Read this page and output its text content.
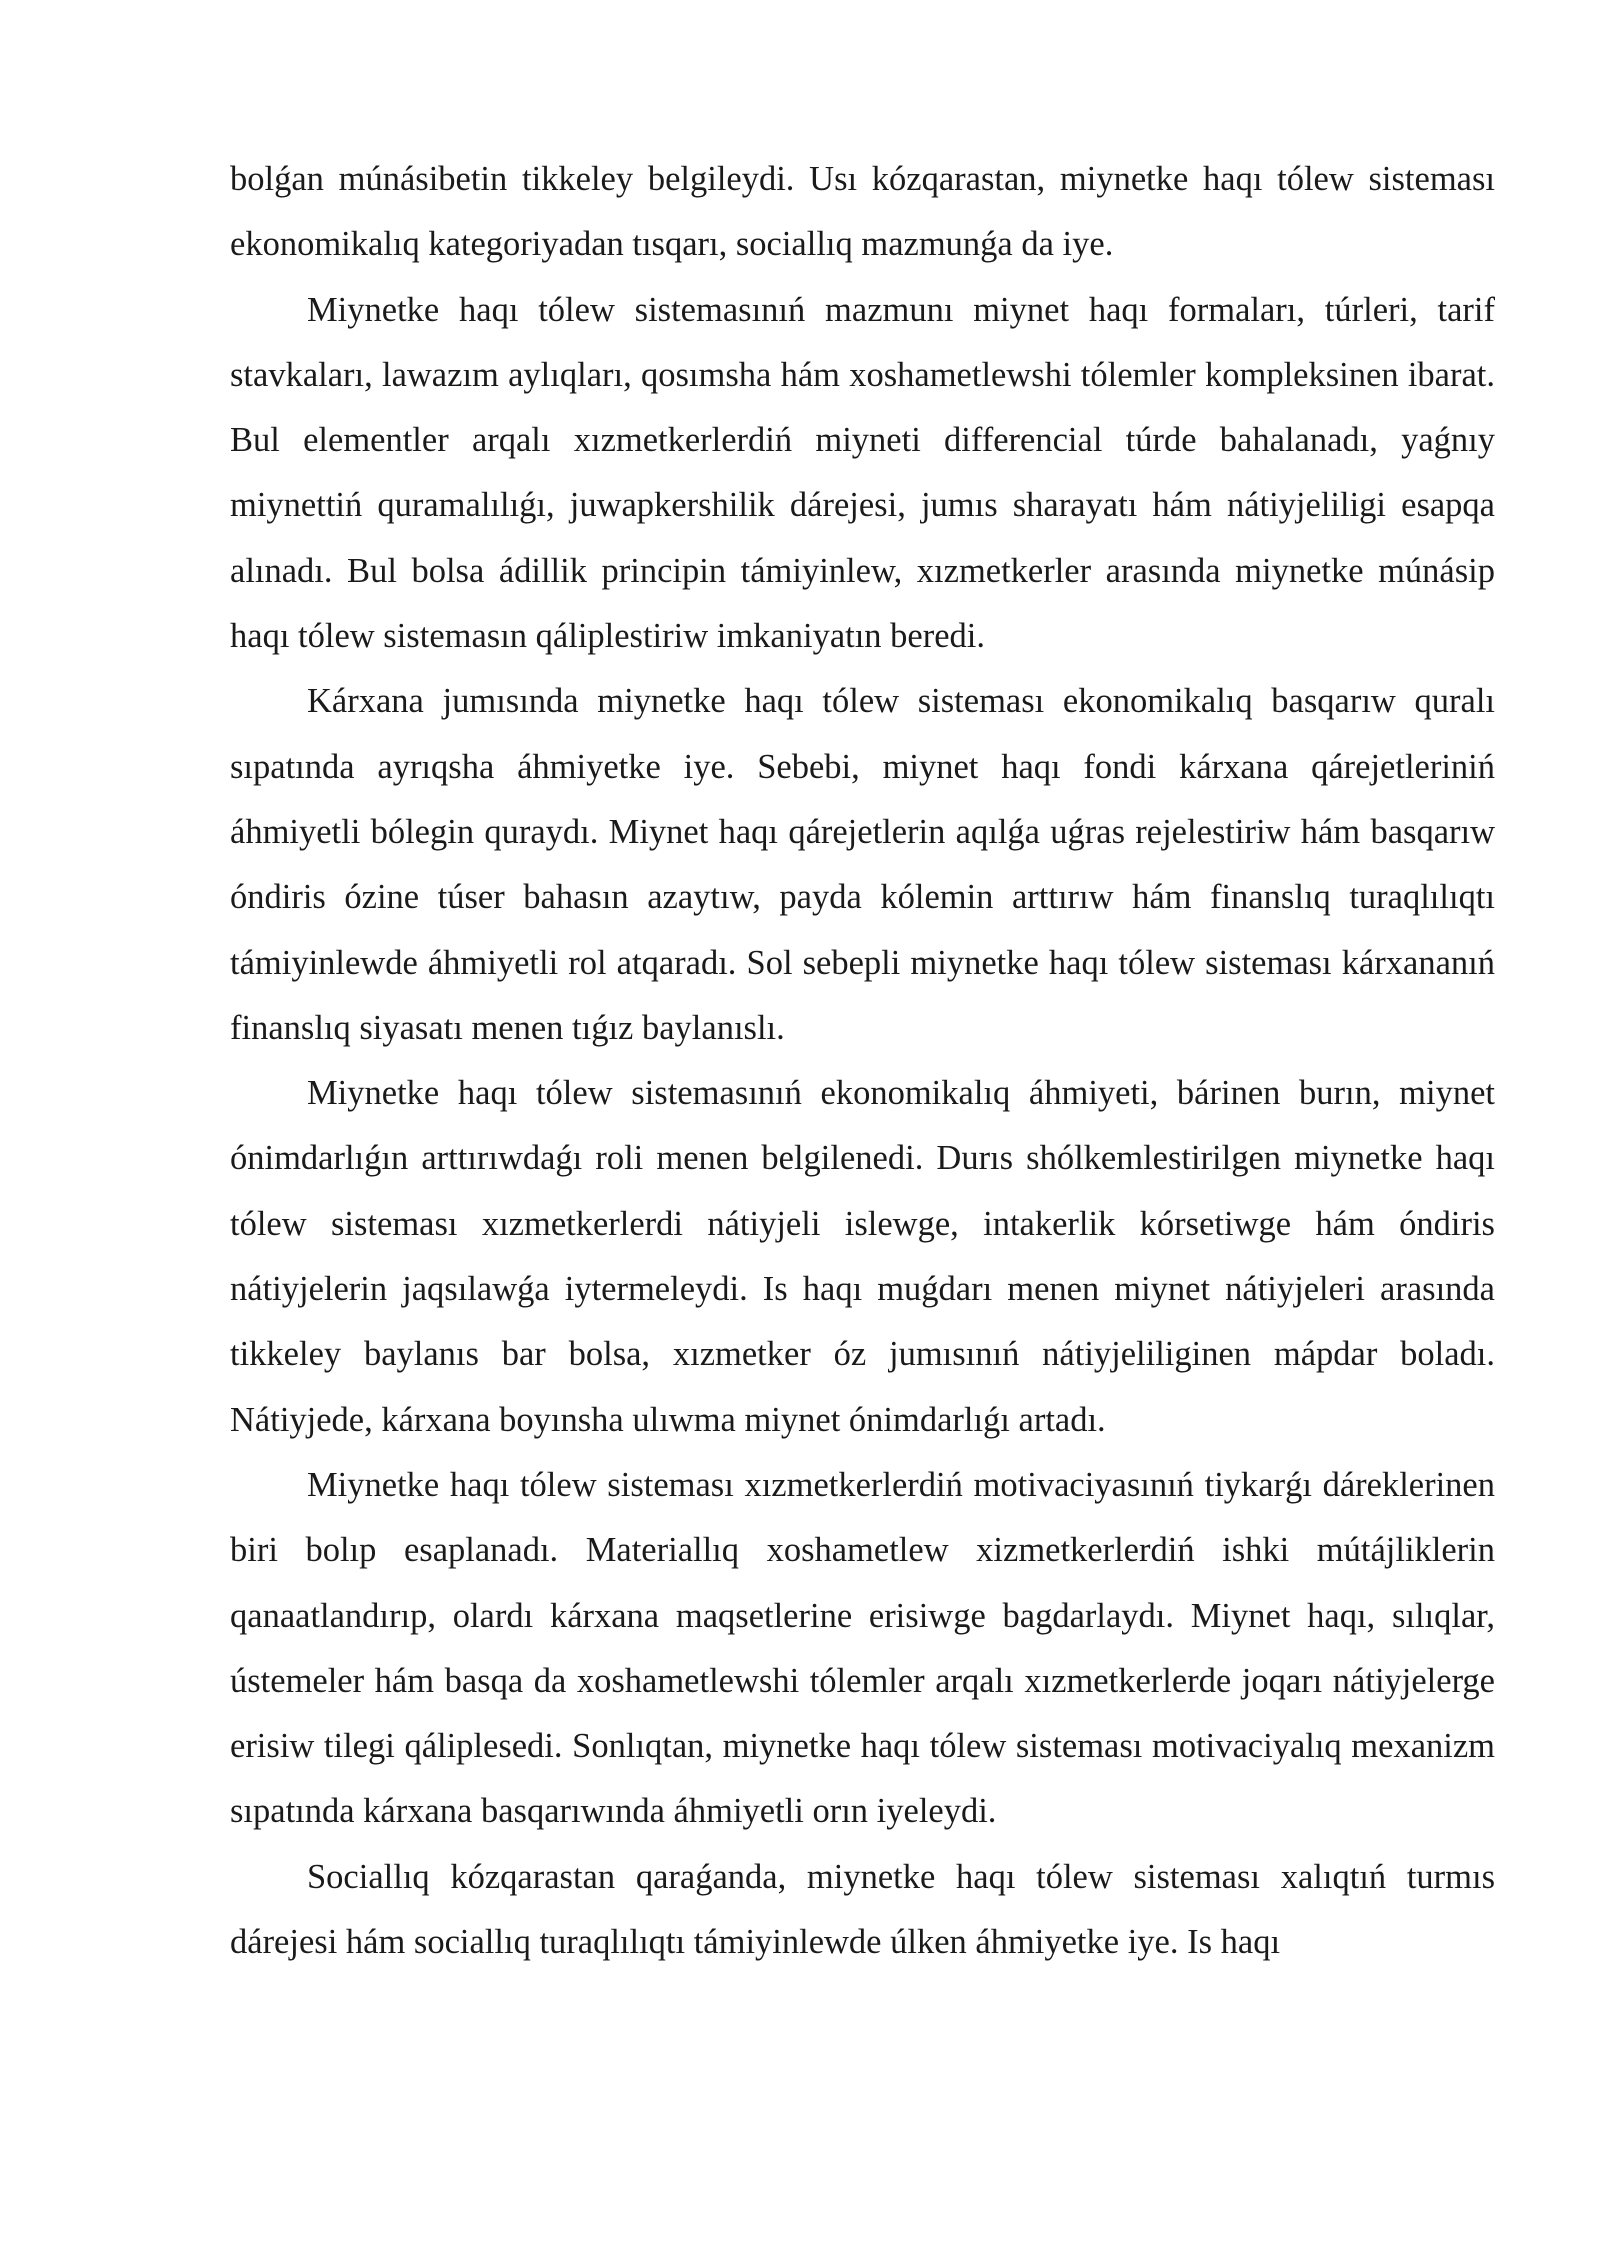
bolǵan múnásibetin tikkeley belgileydi. Usı kózqarastan, miynetke haqı tólew sisteması ekonomikalıq kategoriyadan tısqarı, sociallıq mazmunǵa da iye.

Miynetke haqı tólew sistemasınıń mazmunı miynet haqı formaları, túrleri, tarif stavkaları, lawazım aylıqları, qosımsha hám xoshametlewshi tólemler kompleksinen ibarat. Bul elementler arqalı xızmetkerlerdiń miyneti differencial túrde bahalanadı, yaǵnıy miynettiń quramalılıǵı, juwapkershilik dárejesi, jumıs sharayatı hám nátiyjeliligi esapqa alınadı. Bul bolsa ádillik principin támiyinlew, xızmetkerler arasında miynetke múnásip haqı tólew sistemasın qáliplestiriw imkaniyatın beredi.

Kárxana jumısında miynetke haqı tólew sisteması ekonomikalıq basqarıw quralı sıpatında ayrıqsha áhmiyetke iye. Sebebi, miynet haqı fondi kárxana qárejetleriniń áhmiyetli bólegin quraydı. Miynet haqı qárejetlerin aqılǵa uǵras rejelestiriw hám basqarıw óndiris ózine túser bahasın azaytıw, payda kólemin arttırıw hám finanslıq turaqlılıqtı támiyinlewde áhmiyetli rol atqaradı. Sol sebepli miynetke haqı tólew sisteması kárxananıń finanslıq siyasatı menen tıǵız baylanıslı.

Miynetke haqı tólew sistemasınıń ekonomikalıq áhmiyeti, bárinen burın, miynet ónimdarlıǵın arttırıwdaǵı roli menen belgilenedi. Durıs shólkemlestirilgen miynetke haqı tólew sisteması xızmetkerlerdi nátiyjeli islewge, intakerlik kórsetiwge hám óndiris nátiyjelerin jaqsılawǵa iytermeleydi. Is haqı muǵdarı menen miynet nátiyjeleri arasında tikkeley baylanıs bar bolsa, xızmetker óz jumısınıń nátiyjeliliginen mápdar boladı. Nátiyjede, kárxana boyınsha ulıwma miynet ónimdarlıǵı artadı.

Miynetke haqı tólew sisteması xızmetkerlerdiń motivaciyasınıń tiykarǵı dáreklerinen biri bolıp esaplanadı. Materiallıq xoshametlew xizmetkerlerdiń ishki mútájliklerin qanaatlandırıp, olardı kárxana maqsetlerine erisiwge bagdarlaydı. Miynet haqı, sılıqlar, ústemeler hám basqa da xoshametlewshi tólemler arqalı xızmetkerlerde joqarı nátiyjelerge erisiw tilegi qáliplesedi. Sonlıqtan, miynetke haqı tólew sisteması motivaciyalıq mexanizm sıpatında kárxana basqarıwında áhmiyetli orın iyeleydi.

Sociallıq kózqarastan qaraǵanda, miynetke haqı tólew sisteması xalıqtıń turmıs dárejesi hám sociallıq turaqlılıqtı támiyinlewde úlken áhmiyetke iye. Is haqı
